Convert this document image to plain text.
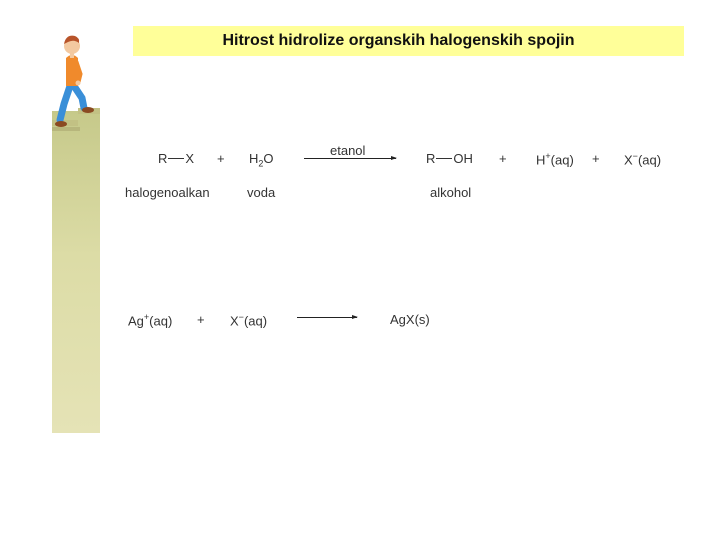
Hitrost hidrolize organskih halogenskih spojin
R $X + H_2O$
etanol
R OH + H+(aq) + X−(aq)
halogenoalkan	voda	alkohol
Ag+(aq) + X−(aq)	AgX(s)
